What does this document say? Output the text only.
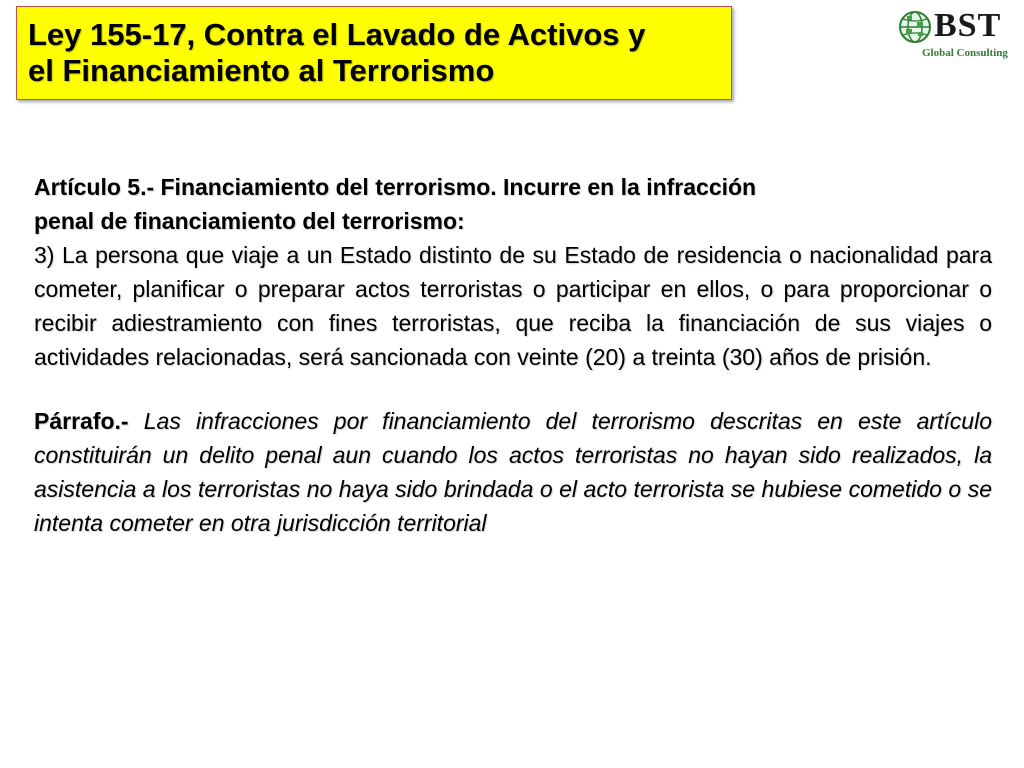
Ley 155-17, Contra el Lavado de Activos y
el Financiamiento al Terrorismo
BST
Global Consulting

Artículo 5.- Financiamiento del terrorismo. Incurre en la infracción
penal de financiamiento del terrorismo:

3) La persona que viaje a un Estado distinto de su Estado de residencia o nacionalidad para cometer, planificar o preparar actos terroristas o participar en ellos, o para proporcionar o recibir adiestramiento con fines terroristas, que reciba la financiación de sus viajes o actividades relacionadas, será sancionada con veinte (20) a treinta (30) años de prisión.

Párrafo.- Las infracciones por financiamiento del terrorismo descritas en este artículo constituirán un delito penal aun cuando los actos terroristas no hayan sido realizados, la asistencia a los terroristas no haya sido brindada o el acto terrorista se hubiese cometido o se intenta cometer en otra jurisdicción territorial
